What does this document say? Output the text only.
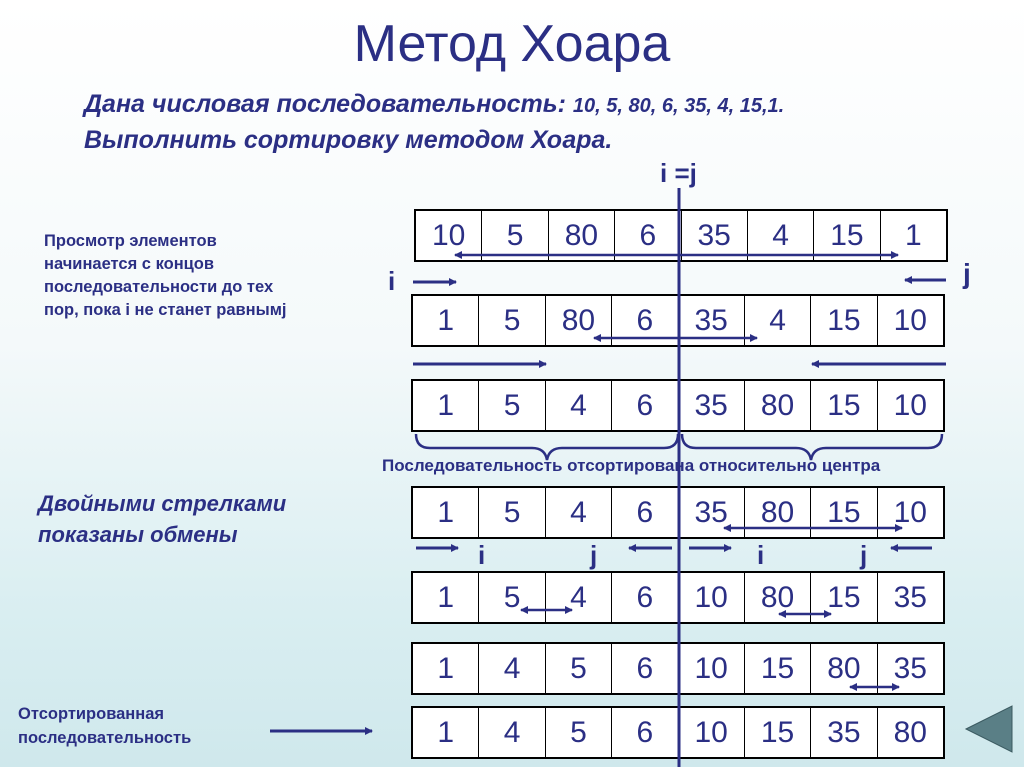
Метод Хоара
Дана числовая последовательность: 10, 5, 80, 6, 35, 4, 15,1.
Выполнить сортировку методом Хоара.
Просмотр элементов начинается с концов последовательности до тех пор, пока i не станет равнымj
Двойными стрелками показаны обмены
Отсортированная последовательность
i =j
i	j
i	j	i	j
Последовательность отсортирована относительно центра
10	5	80	6	35	4	15	1
1	5	80	6	35	4	15	10
1	5	4	6	35	80	15	10
1	5	4	6	35	80	15	10
1	5	4	6	10	80	15	35
1	4	5	6	10	15	80	35
1	4	5	6	10	15	35	80
